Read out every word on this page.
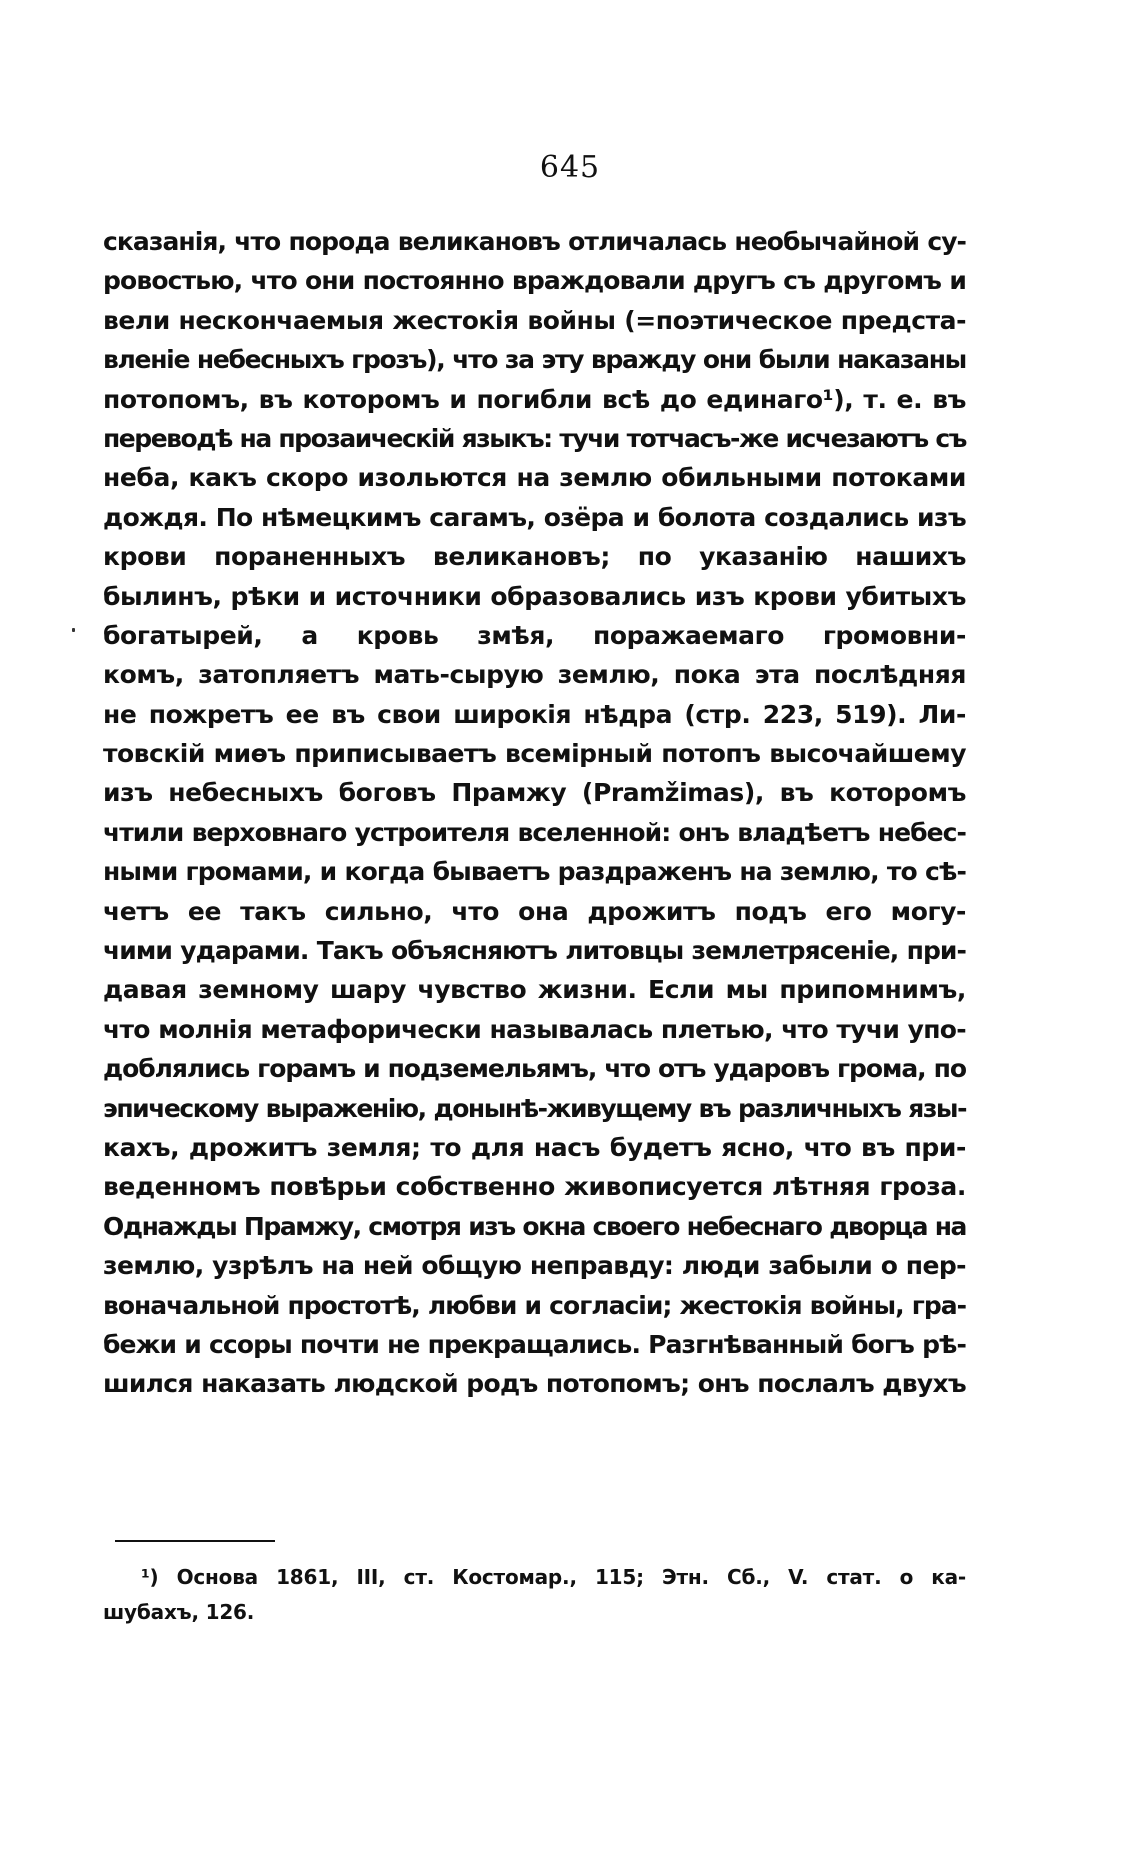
645
сказанія, что порода великановъ отличалась необычайной су-
ровостью, что они постоянно враждовали другъ съ другомъ и
вели нескончаемыя жестокія войны (=поэтическое предста-
вленіе небесныхъ грозъ), что за эту вражду они были наказаны
потопомъ, въ которомъ и погибли всѣ до единаго¹), т. е. въ
переводѣ на прозаическій языкъ: тучи тотчасъ-же исчезаютъ съ
неба, какъ скоро изольются на землю обильными потоками
дождя. По нѣмецкимъ сагамъ, озёра и болота создались изъ
крови пораненныхъ великановъ; по указанію нашихъ
былинъ, рѣки и источники образовались изъ крови убитыхъ
богатырей, а кровь змѣя, поражаемаго громовни-
комъ, затопляетъ мать-сырую землю, пока эта послѣдняя
не пожретъ ее въ свои широкія нѣдра (стр. 223, 519). Ли-
товскій миѳъ приписываетъ всемірный потопъ высочайшему
изъ небесныхъ боговъ Прамжу (Pramžimas), въ которомъ
чтили верховнаго устроителя вселенной: онъ владѣетъ небес-
ными громами, и когда бываетъ раздраженъ на землю, то сѣ-
четъ ее такъ сильно, что она дрожитъ подъ его могу-
чими ударами. Такъ объясняютъ литовцы землетрясеніе, при-
давая земному шару чувство жизни. Если мы припомнимъ,
что молнія метафорически называлась плетью, что тучи упо-
доблялись горамъ и подземельямъ, что отъ ударовъ грома, по
эпическому выраженію, донынѣ-живущему въ различныхъ язы-
кахъ, дрожитъ земля; то для насъ будетъ ясно, что въ при-
веденномъ повѣрьи собственно живописуется лѣтняя гроза.
Однажды Прамжу, смотря изъ окна своего небеснаго дворца на
землю, узрѣлъ на ней общую неправду: люди забыли о пер-
воначальной простотѣ, любви и согласіи; жестокія войны, гра-
бежи и ссоры почти не прекращались. Разгнѣванный богъ рѣ-
шился наказать людской родъ потопомъ; онъ послалъ двухъ
¹) Основа 1861, III, ст. Костомар., 115; Этн. Сб., V. стат. о ка-
шубахъ, 126.
